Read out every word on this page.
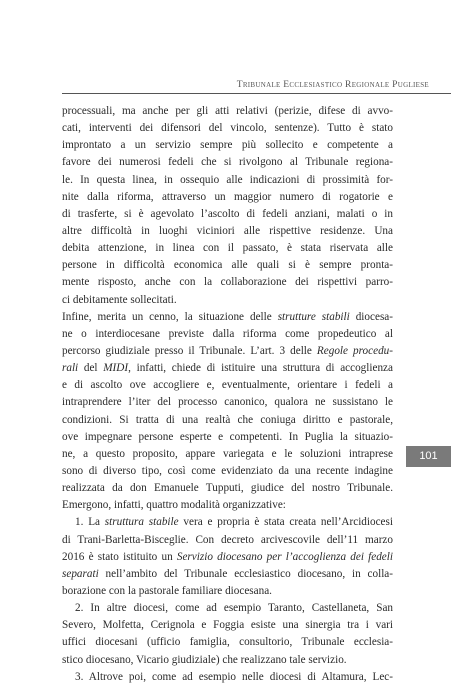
Tribunale Ecclesiastico Regionale Pugliese
processuali, ma anche per gli atti relativi (perizie, difese di avvo-
cati, interventi dei difensori del vincolo, sentenze). Tutto è stato
improntato a un servizio sempre più sollecito e competente a
favore dei numerosi fedeli che si rivolgono al Tribunale regiona-
le. In questa linea, in ossequio alle indicazioni di prossimità for-
nite dalla riforma, attraverso un maggior numero di rogatorie e
di trasferte, si è agevolato l’ascolto di fedeli anziani, malati o in
altre difficoltà in luoghi viciniori alle rispettive residenze. Una
debita attenzione, in linea con il passato, è stata riservata alle
persone in difficoltà economica alle quali si è sempre pronta-
mente risposto, anche con la collaborazione dei rispettivi parro-
ci debitamente sollecitati.
Infine, merita un cenno, la situazione delle strutture stabili diocesa-
ne o interdiocesane previste dalla riforma come propedeutico al
percorso giudiziale presso il Tribunale. L’art. 3 delle Regole procedu-
rali del MIDI, infatti, chiede di istituire una struttura di accoglienza
e di ascolto ove accogliere e, eventualmente, orientare i fedeli a
intraprendere l’iter del processo canonico, qualora ne sussistano le
condizioni. Si tratta di una realtà che coniuga diritto e pastorale,
ove impegnare persone esperte e competenti. In Puglia la situazio-
ne, a questo proposito, appare variegata e le soluzioni intraprese
sono di diverso tipo, così come evidenziato da una recente indagine
realizzata da don Emanuele Tupputi, giudice del nostro Tribunale.
Emergono, infatti, quattro modalità organizzative:
1. La struttura stabile vera e propria è stata creata nell’Arcidiocesi
di Trani-Barletta-Bisceglie. Con decreto arcivescovile dell’11 marzo
2016 è stato istituito un Servizio diocesano per l’accoglienza dei fedeli
separati nell’ambito del Tribunale ecclesiastico diocesano, in colla-
borazione con la pastorale familiare diocesana.
2. In altre diocesi, come ad esempio Taranto, Castellaneta, San
Severo, Molfetta, Cerignola e Foggia esiste una sinergia tra i vari
uffici diocesani (ufficio famiglia, consultorio, Tribunale ecclesia-
stico diocesano, Vicario giudiziale) che realizzano tale servizio.
3. Altrove poi, come ad esempio nelle diocesi di Altamura, Lec-
101
